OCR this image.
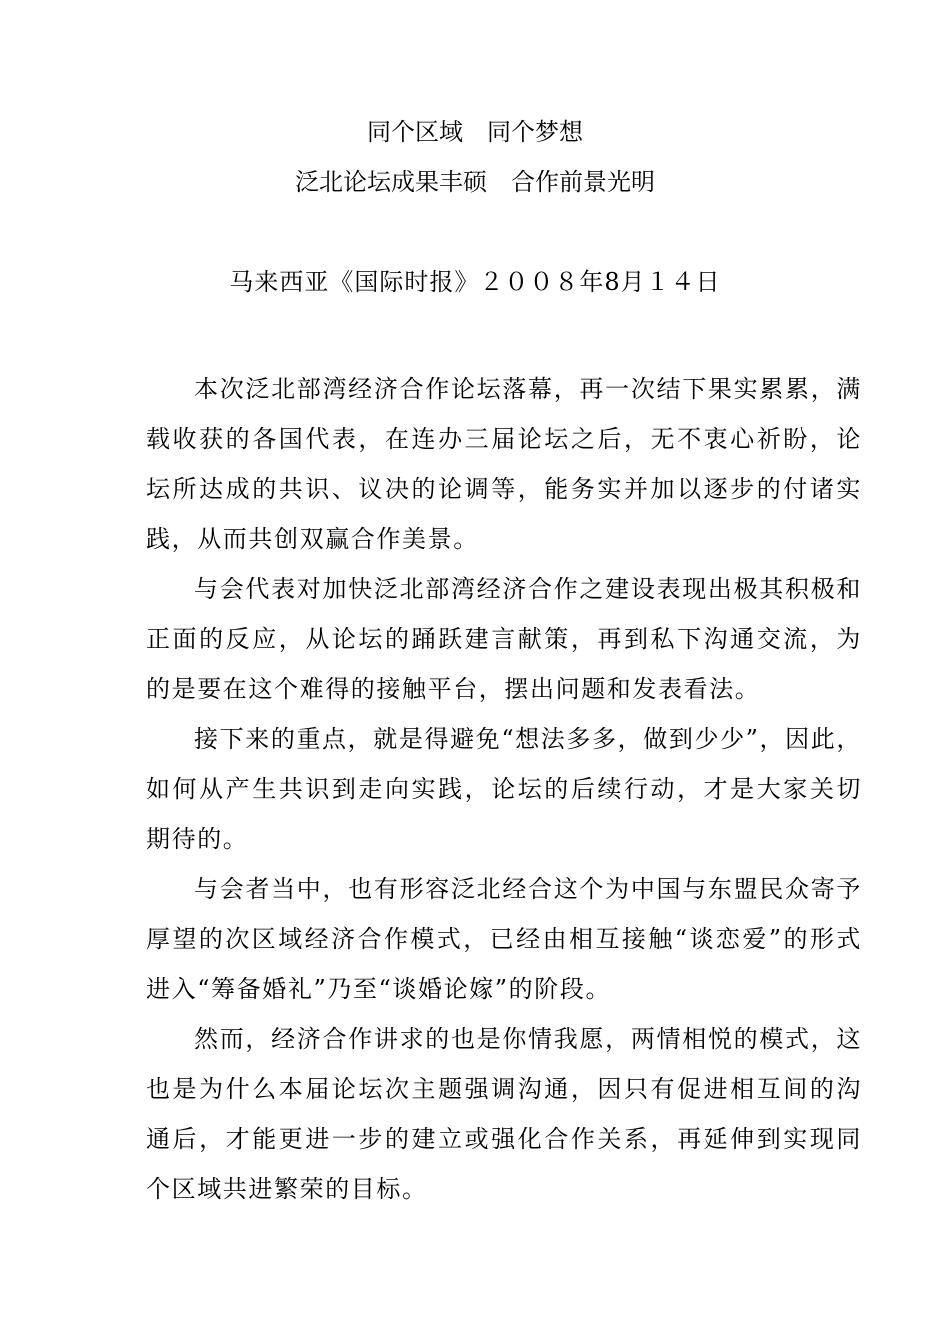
同个区域　同个梦想
泛北论坛成果丰硕　合作前景光明
马来西亚《国际时报》２００８年8月１４日

本次泛北部湾经济合作论坛落幕，再一次结下果实累累，满载收获的各国代表，在连办三届论坛之后，无不衷心祈盼，论坛所达成的共识、议决的论调等，能务实并加以逐步的付诸实践，从而共创双赢合作美景。

与会代表对加快泛北部湾经济合作之建设表现出极其积极和正面的反应，从论坛的踊跃建言献策，再到私下沟通交流，为的是要在这个难得的接触平台，摆出问题和发表看法。

接下来的重点，就是得避免“想法多多，做到少少”，因此，如何从产生共识到走向实践，论坛的后续行动，才是大家关切期待的。

与会者当中，也有形容泛北经合这个为中国与东盟民众寄予厚望的次区域经济合作模式，已经由相互接触“谈恋爱”的形式进入“筹备婚礼”乃至“谈婚论嫁”的阶段。

然而，经济合作讲求的也是你情我愿，两情相悦的模式，这也是为什么本届论坛次主题强调沟通，因只有促进相互间的沟通后，才能更进一步的建立或强化合作关系，再延伸到实现同个区域共进繁荣的目标。
